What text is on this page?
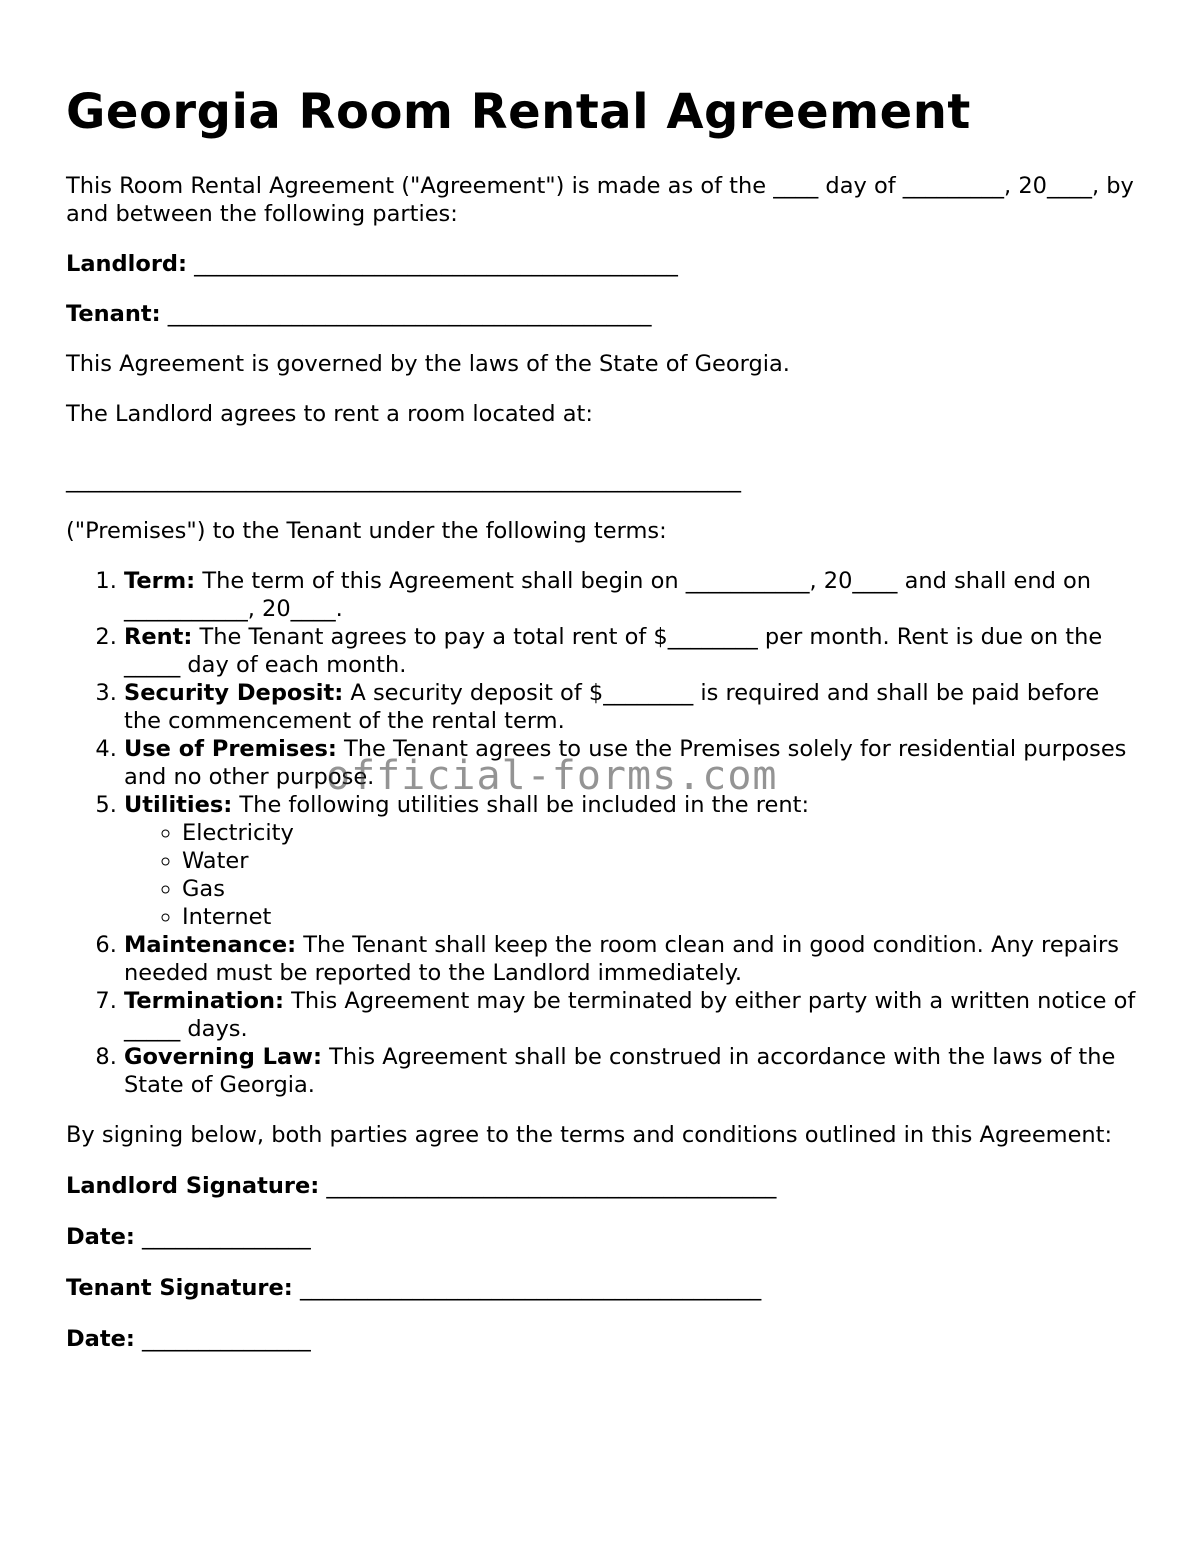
Georgia Room Rental Agreement

This Room Rental Agreement ("Agreement") is made as of the ____ day of _________, 20____, by and between the following parties:

Landlord: ___________________________________________

Tenant: ___________________________________________

This Agreement is governed by the laws of the State of Georgia.

The Landlord agrees to rent a room located at:

____________________________________________________________

("Premises") to the Tenant under the following terms:

1. Term: The term of this Agreement shall begin on ___________, 20____ and shall end on ___________, 20____.
2. Rent: The Tenant agrees to pay a total rent of $________ per month. Rent is due on the _____ day of each month.
3. Security Deposit: A security deposit of $________ is required and shall be paid before the commencement of the rental term.
4. Use of Premises: The Tenant agrees to use the Premises solely for residential purposes and no other purpose.
5. Utilities: The following utilities shall be included in the rent:
◦ Electricity
◦ Water
◦ Gas
◦ Internet
6. Maintenance: The Tenant shall keep the room clean and in good condition. Any repairs needed must be reported to the Landlord immediately.
7. Termination: This Agreement may be terminated by either party with a written notice of _____ days.
8. Governing Law: This Agreement shall be construed in accordance with the laws of the State of Georgia.

By signing below, both parties agree to the terms and conditions outlined in this Agreement:

Landlord Signature: ________________________________________

Date: _______________

Tenant Signature: _________________________________________

Date: _______________

official-forms.com
